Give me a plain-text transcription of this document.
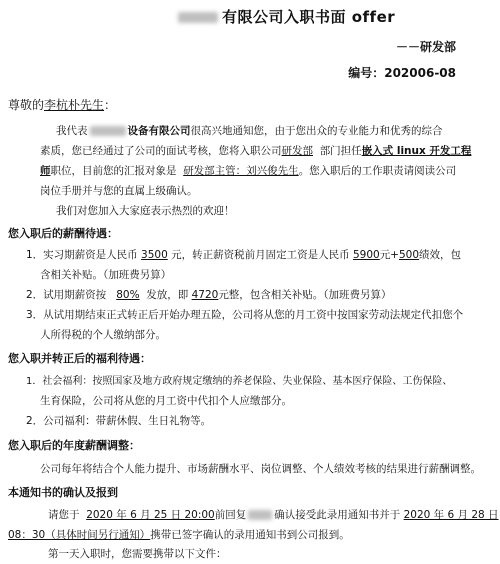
有限公司入职书面 offer
－－研发部
编号：202006-08
尊敬的李杭朴先生：
我代表	设备有限公司很高兴地通知您，由于您出众的专业能力和优秀的综合
素质，您已经通过了公司的面试考核，您将入职公司研发部 部门担任嵌入式 linux 开发工程
师职位，目前您的汇报对象是 研发部主管：刘兴俊先生。您入职后的工作职责请阅读公司
岗位手册并与您的直属上级确认。
我们对您加入大家庭表示热烈的欢迎！
您入职后的薪酬待遇：
1．实习期薪资是人民币 3500 元，转正薪资税前月固定工资是人民币 5900元+500绩效，包
含相关补贴。（加班费另算）
2．试用期薪资按 80% 发放，即 4720元整，包含相关补贴。（加班费另算）
3．从试用期结束正式转正后开始办理五险，公司将从您的月工资中按国家劳动法规定代扣您个
人所得税的个人缴纳部分。
您入职并转正后的福利待遇：
1．社会福利：按照国家及地方政府规定缴纳的养老保险、失业保险、基本医疗保险、工伤保险、
生育保险，公司将从您的月工资中代扣个人应缴部分。
2．公司福利：带薪休假、生日礼物等。
您入职后的年度薪酬调整：
公司每年将结合个人能力提升、市场薪酬水平、岗位调整、个人绩效考核的结果进行薪酬调整。
本通知书的确认及报到
请您于 2020 年 6 月 25 日 20:00前回复	确认接受此录用通知书并于 2020 年 6 月 28 日
08：30（具体时间另行通知）携带已签字确认的录用通知书到公司报到。
第一天入职时，您需要携带以下文件：
